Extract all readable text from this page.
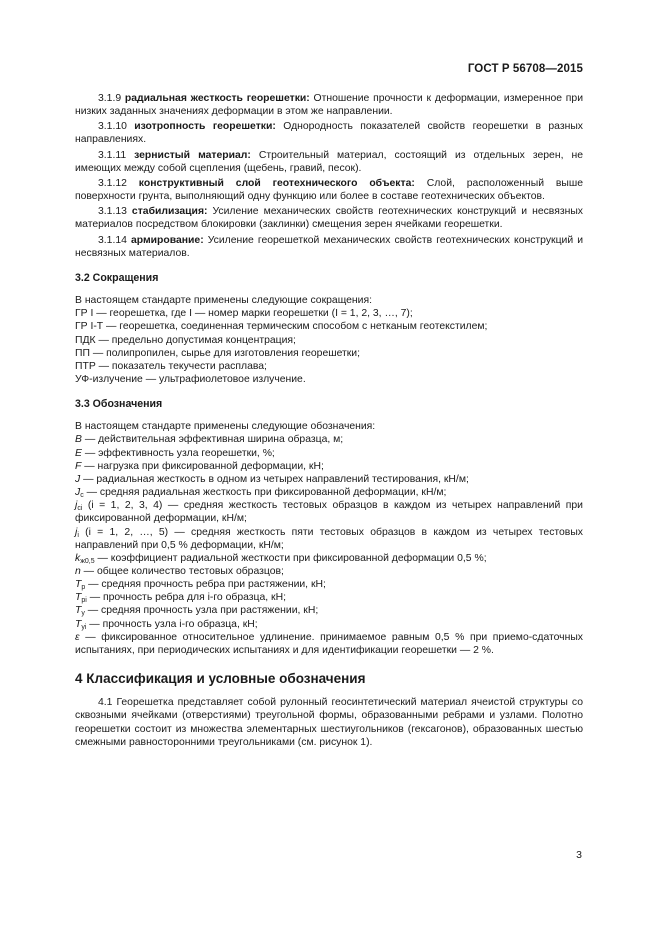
ГОСТ Р 56708—2015

3.1.9 радиальная жесткость георешетки: Отношение прочности к деформации, измеренное при низких заданных значениях деформации в этом же направлении.

3.1.10 изотропность георешетки: Однородность показателей свойств георешетки в разных направлениях.

3.1.11 зернистый материал: Строительный материал, состоящий из отдельных зерен, не имеющих между собой сцепления (щебень, гравий, песок).

3.1.12 конструктивный слой геотехнического объекта: Слой, расположенный выше поверхности грунта, выполняющий одну функцию или более в составе геотехнических объектов.

3.1.13 стабилизация: Усиление механических свойств геотехнических конструкций и несвязных материалов посредством блокировки (заклинки) смещения зерен ячейками георешетки.

3.1.14 армирование: Усиление георешеткой механических свойств геотехнических конструкций и несвязных материалов.

3.2 Сокращения

В настоящем стандарте применены следующие сокращения:

ГР I — георешетка, где I — номер марки георешетки (I = 1, 2, 3, …, 7);

ГР I-Т — георешетка, соединенная термическим способом с нетканым геотекстилем;

ПДК — предельно допустимая концентрация;

ПП — полипропилен, сырье для изготовления георешетки;

ПТР — показатель текучести расплава;

УФ-излучение — ультрафиолетовое излучение.

3.3 Обозначения

В настоящем стандарте применены следующие обозначения:

B — действительная эффективная ширина образца, м;

E — эффективность узла георешетки, %;

F — нагрузка при фиксированной деформации, кН;

J — радиальная жесткость в одном из четырех направлений тестирования, кН/м;

$J_c$ — средняя радиальная жесткость при фиксированной деформации, кН/м;

$j_{ci}$ (i = 1, 2, 3, 4) — средняя жесткость тестовых образцов в каждом из четырех направлений при фиксированной деформации, кН/м;

$j_i$ (i = 1, 2, …, 5) — средняя жесткость пяти тестовых образцов в каждом из четырех тестовых направлений при 0,5 % деформации, кН/м;

$k_{ж0,5}$ — коэффициент радиальной жесткости при фиксированной деформации 0,5 %;

n — общее количество тестовых образцов;

$T_р$ — средняя прочность ребра при растяжении, кН;

$T_{рi}$ — прочность ребра для i-го образца, кН;

$T_у$ — средняя прочность узла при растяжении, кН;

$T_{уi}$ — прочность узла i-го образца, кН;

ε — фиксированное относительное удлинение. принимаемое равным 0,5 % при приемо-сдаточных испытаниях, при периодических испытаниях и для идентификации георешетки — 2 %.

4 Классификация и условные обозначения

4.1 Георешетка представляет собой рулонный геосинтетический материал ячеистой структуры со сквозными ячейками (отверстиями) треугольной формы, образованными ребрами и узлами. Полотно георешетки состоит из множества элементарных шестиугольников (гексагонов), образованных шестью смежными равносторонними треугольниками (см. рисунок 1).

3
